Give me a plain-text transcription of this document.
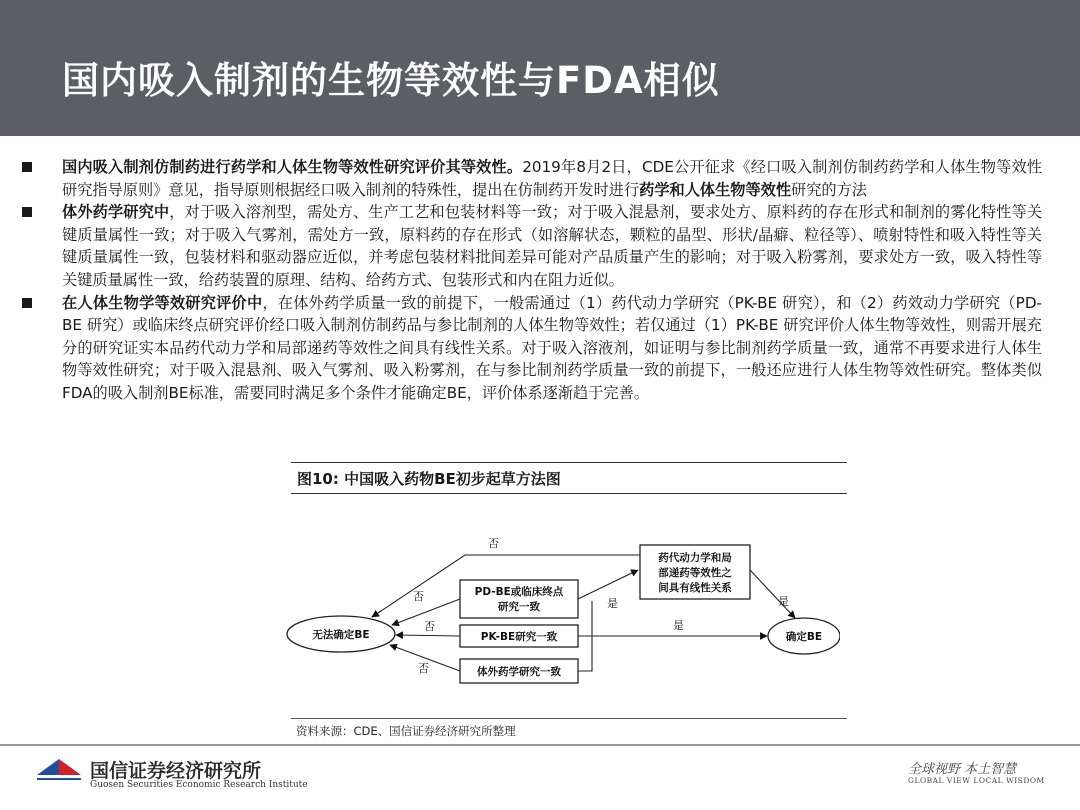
国内吸入制剂的生物等效性与FDA相似

国内吸入制剂仿制药进行药学和人体生物等效性研究评价其等效性。2019年8月2日，CDE公开征求《经口吸入制剂仿制药药学和人体生物等效性研究指导原则》意见，指导原则根据经口吸入制剂的特殊性，提出在仿制药开发时进行药学和人体生物等效性研究的方法

体外药学研究中，对于吸入溶剂型，需处方、生产工艺和包装材料等一致；对于吸入混悬剂，要求处方、原料药的存在形式和制剂的雾化特性等关键质量属性一致；对于吸入气雾剂，需处方一致，原料药的存在形式（如溶解状态，颗粒的晶型、形状/晶癖、粒径等）、喷射特性和吸入特性等关键质量属性一致，包装材料和驱动器应近似，并考虑包装材料批间差异可能对产品质量产生的影响；对于吸入粉雾剂，要求处方一致，吸入特性等关键质量属性一致，给药装置的原理、结构、给药方式、包装形式和内在阻力近似。

在人体生物学等效研究评价中，在体外药学质量一致的前提下，一般需通过（1）药代动力学研究（PK-BE 研究），和（2）药效动力学研究（PD-BE 研究）或临床终点研究评价经口吸入制剂仿制药品与参比制剂的人体生物等效性；若仅通过（1）PK-BE 研究评价人体生物等效性，则需开展充分的研究证实本品药代动力学和局部递药等效性之间具有线性关系。对于吸入溶液剂，如证明与参比制剂药学质量一致，通常不再要求进行人体生物等效性研究；对于吸入混悬剂、吸入气雾剂、吸入粉雾剂，在与参比制剂药学质量一致的前提下，一般还应进行人体生物等效性研究。整体类似FDA的吸入制剂BE标准，需要同时满足多个条件才能确定BE，评价体系逐渐趋于完善。

图10: 中国吸入药物BE初步起草方法图
无法确定BE
PD-BE或临床终点
研究一致
PK-BE研究一致
体外药学研究一致
药代动力学和局
部递药等效性之
间具有线性关系
确定BE
否
否
否
否
是
是
是
资料来源：CDE、国信证券经济研究所整理
国信证券经济研究所
Guosen Securities Economic Research Institute
全球视野 本土智慧
GLOBAL VIEW LOCAL WISDOM
